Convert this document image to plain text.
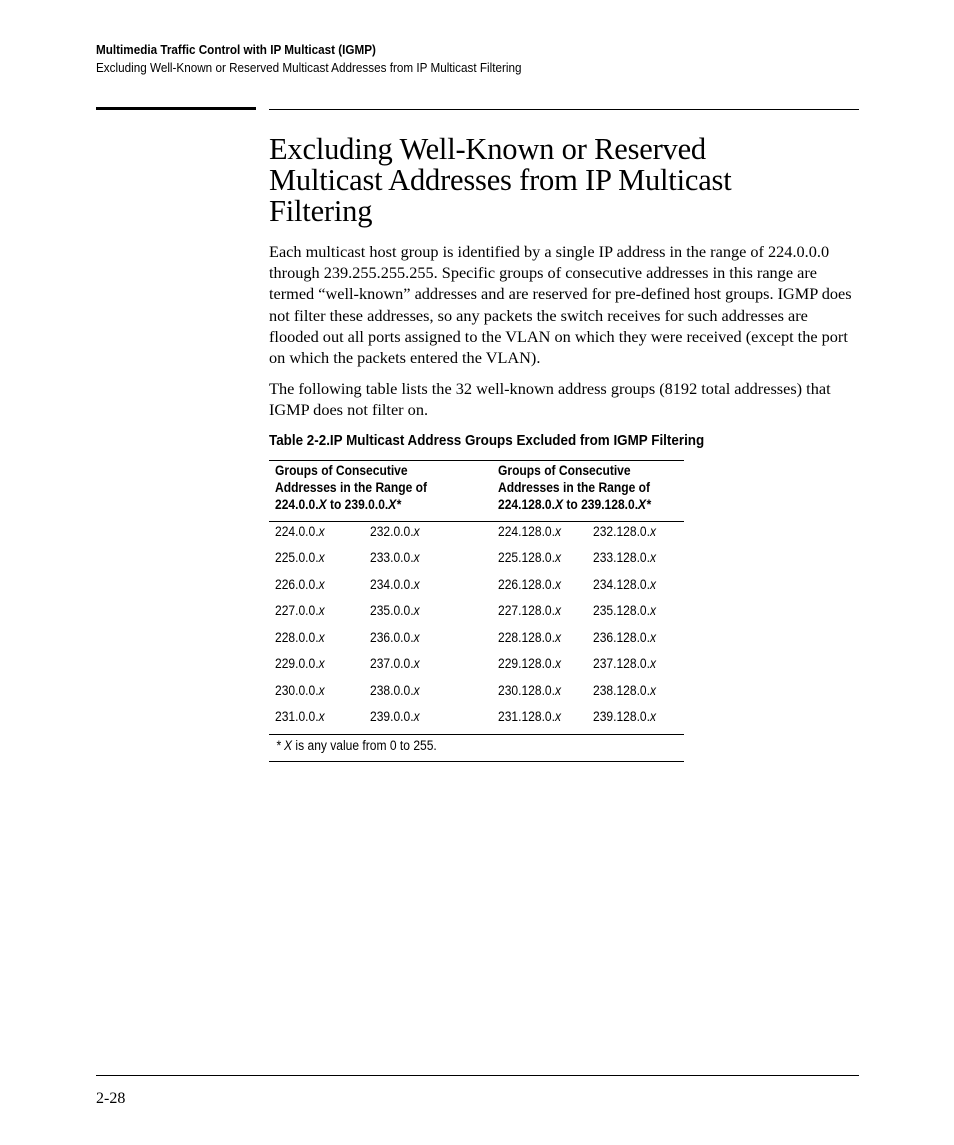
Multimedia Traffic Control with IP Multicast (IGMP)
Excluding Well-Known or Reserved Multicast Addresses from IP Multicast Filtering
Excluding Well-Known or Reserved
Multicast Addresses from IP Multicast
Filtering

Each multicast host group is identified by a single IP address in the range of 224.0.0.0 through 239.255.255.255. Specific groups of consecutive addresses in this range are termed “well-known” addresses and are reserved for pre-defined host groups. IGMP does not filter these addresses, so any packets the switch receives for such addresses are flooded out all ports assigned to the VLAN on which they were received (except the port on which the packets entered the VLAN).

The following table lists the 32 well-known address groups (8192 total addresses) that IGMP does not filter on.

Table 2-2.IP Multicast Address Groups Excluded from IGMP Filtering
Groups of Consecutive
Addresses in the Range of
224.0.0.X to 239.0.0.X*
Groups of Consecutive
Addresses in the Range of
224.128.0.X to 239.128.0.X*
224.0.0.x	232.0.0.x	224.128.0.x 232.128.0.x
225.0.0.x	233.0.0.x	225.128.0.x 233.128.0.x
226.0.0.x	234.0.0.x	226.128.0.x 234.128.0.x
227.0.0.x	235.0.0.x	227.128.0.x 235.128.0.x
228.0.0.x	236.0.0.x	228.128.0.x 236.128.0.x
229.0.0.x	237.0.0.x	229.128.0.x 237.128.0.x
230.0.0.x	238.0.0.x	230.128.0.x 238.128.0.x
231.0.0.x	239.0.0.x	231.128.0.x 239.128.0.x
* X is any value from 0 to 255.
2-28
